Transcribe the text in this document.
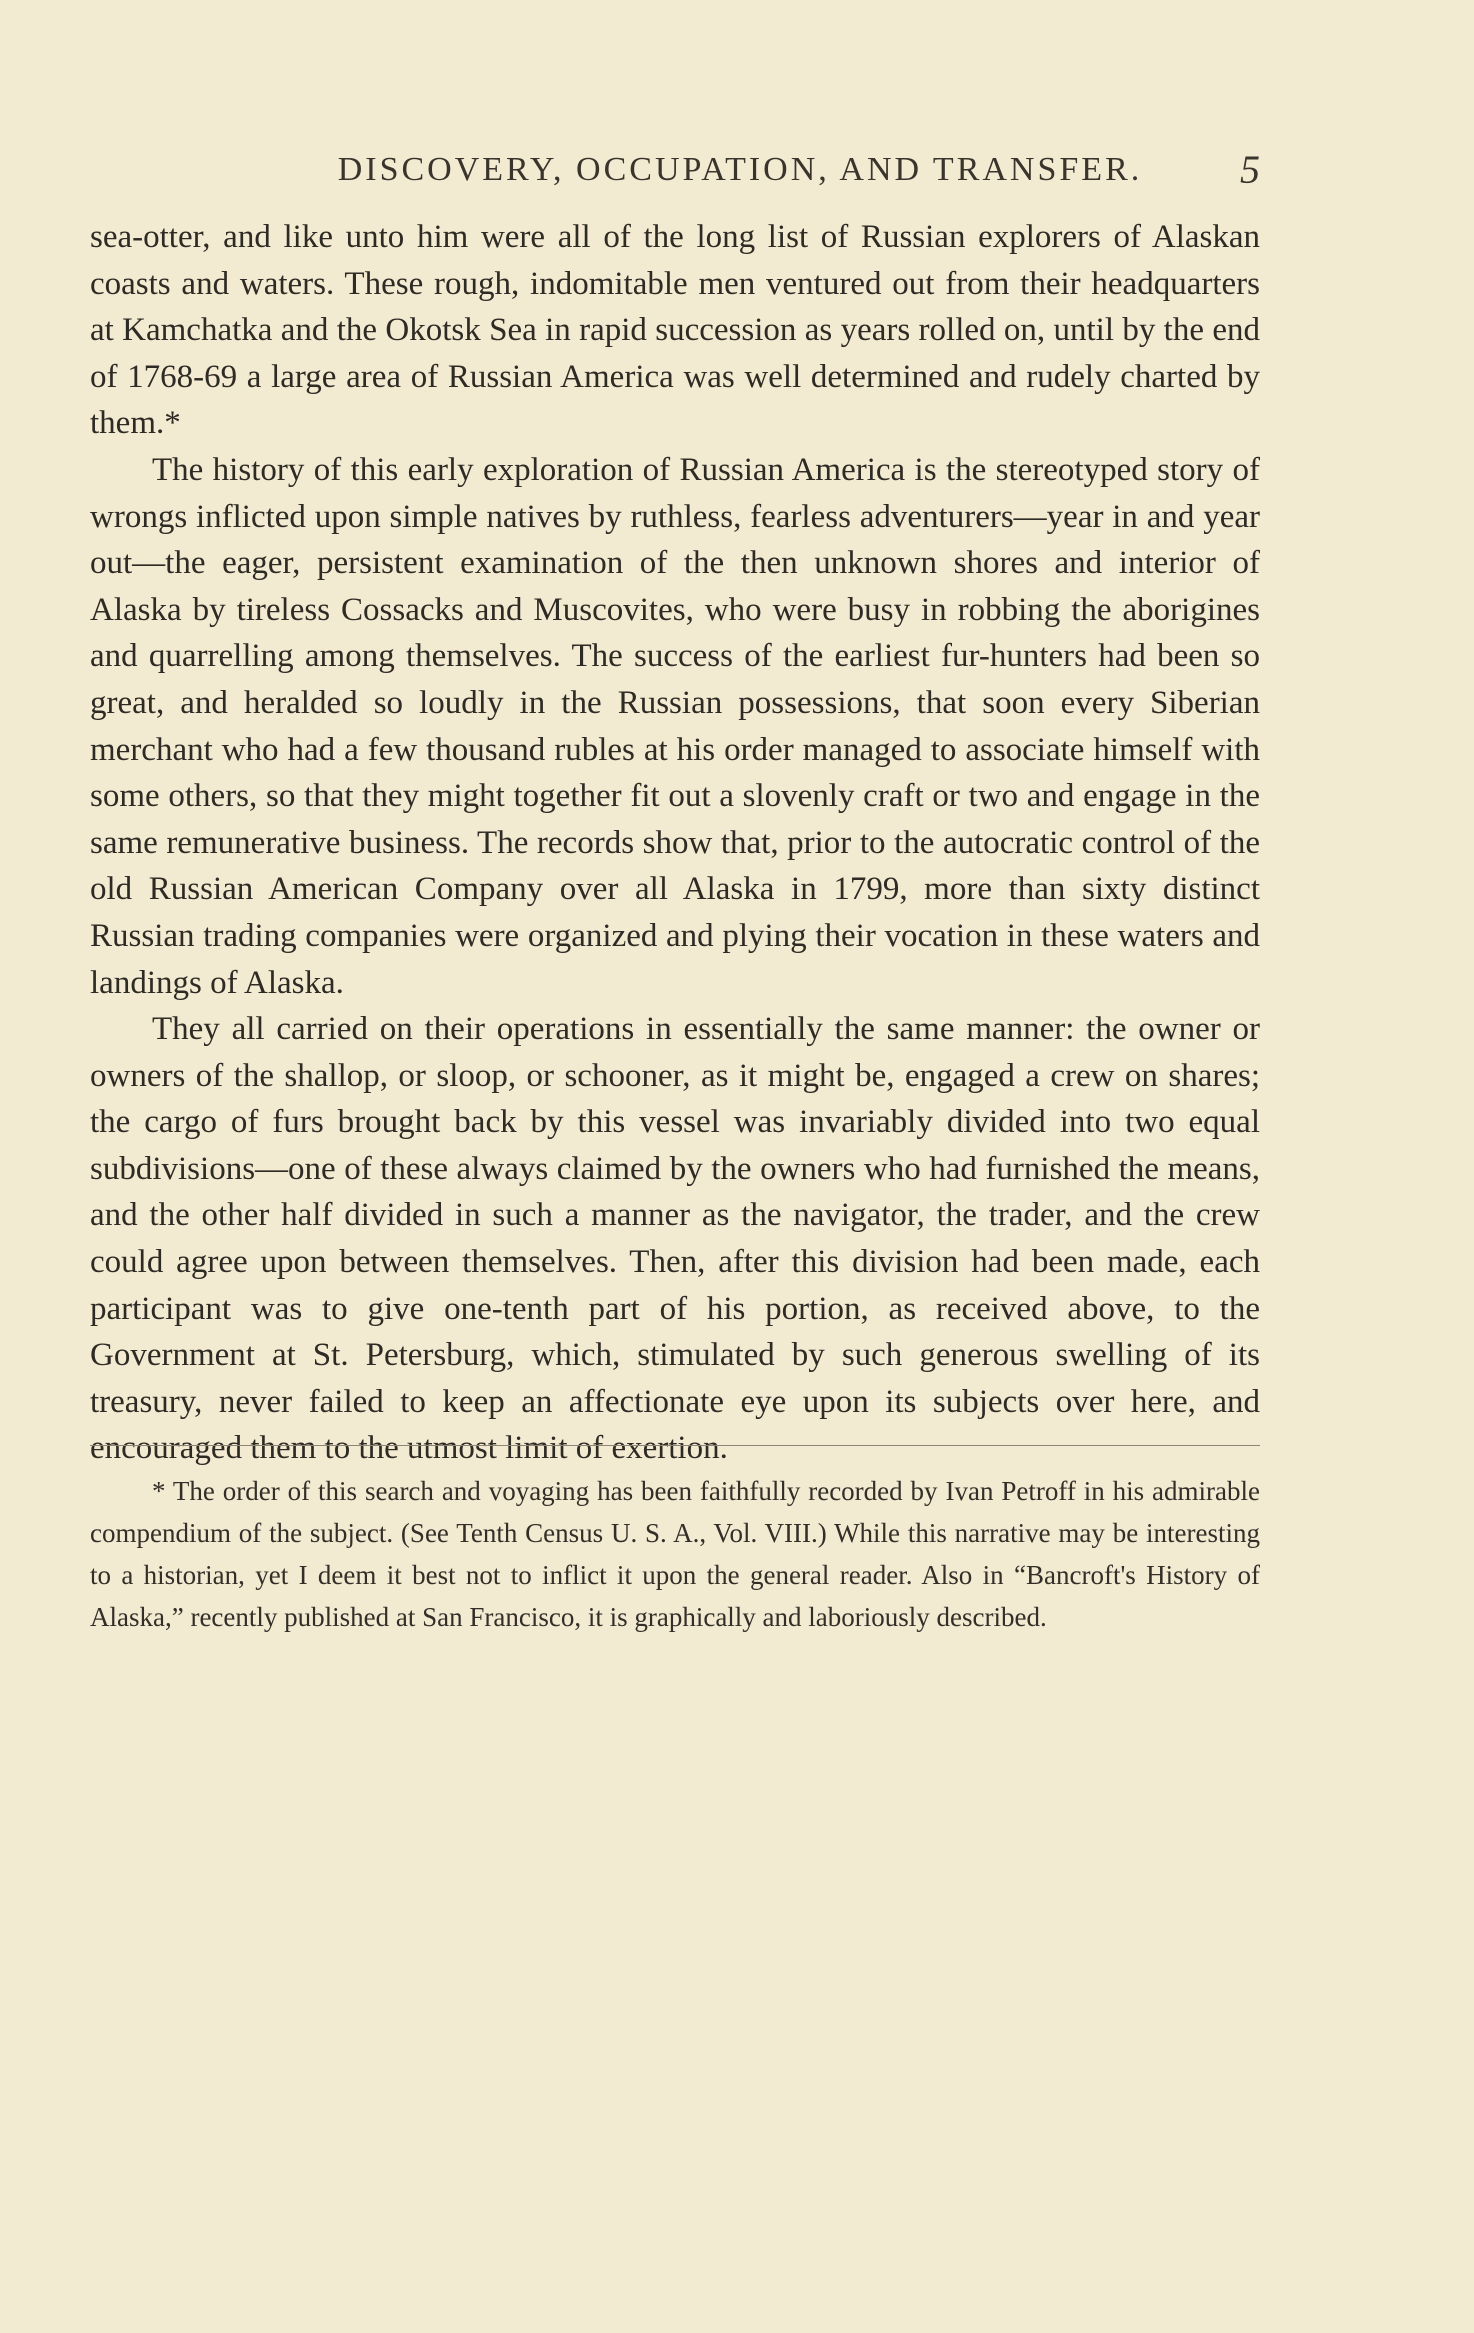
DISCOVERY, OCCUPATION, AND TRANSFER.	5

sea-otter, and like unto him were all of the long list of Russian explorers of Alaskan coasts and waters. These rough, indomitable men ventured out from their headquarters at Kamchatka and the Okotsk Sea in rapid succession as years rolled on, until by the end of 1768-69 a large area of Russian America was well determined and rudely charted by them.*

The history of this early exploration of Russian America is the stereotyped story of wrongs inflicted upon simple natives by ruthless, fearless adventurers—year in and year out—the eager, persistent examination of the then unknown shores and interior of Alaska by tireless Cossacks and Muscovites, who were busy in robbing the aborigines and quarrelling among themselves. The success of the earliest fur-hunters had been so great, and heralded so loudly in the Russian possessions, that soon every Siberian merchant who had a few thousand rubles at his order managed to associate himself with some others, so that they might together fit out a slovenly craft or two and engage in the same remunerative business. The records show that, prior to the autocratic control of the old Russian American Company over all Alaska in 1799, more than sixty distinct Russian trading companies were organized and plying their vocation in these waters and landings of Alaska.

They all carried on their operations in essentially the same manner: the owner or owners of the shallop, or sloop, or schooner, as it might be, engaged a crew on shares; the cargo of furs brought back by this vessel was invariably divided into two equal subdivisions—one of these always claimed by the owners who had furnished the means, and the other half divided in such a manner as the navigator, the trader, and the crew could agree upon between themselves. Then, after this division had been made, each participant was to give one-tenth part of his portion, as received above, to the Government at St. Petersburg, which, stimulated by such generous swelling of its treasury, never failed to keep an affectionate eye upon its subjects over here, and encouraged them to the utmost limit of exertion.

* The order of this search and voyaging has been faithfully recorded by Ivan Petroff in his admirable compendium of the subject. (See Tenth Census U. S. A., Vol. VIII.) While this narrative may be interesting to a historian, yet I deem it best not to inflict it upon the general reader. Also in “Bancroft's History of Alaska,” recently published at San Francisco, it is graphically and laboriously described.
